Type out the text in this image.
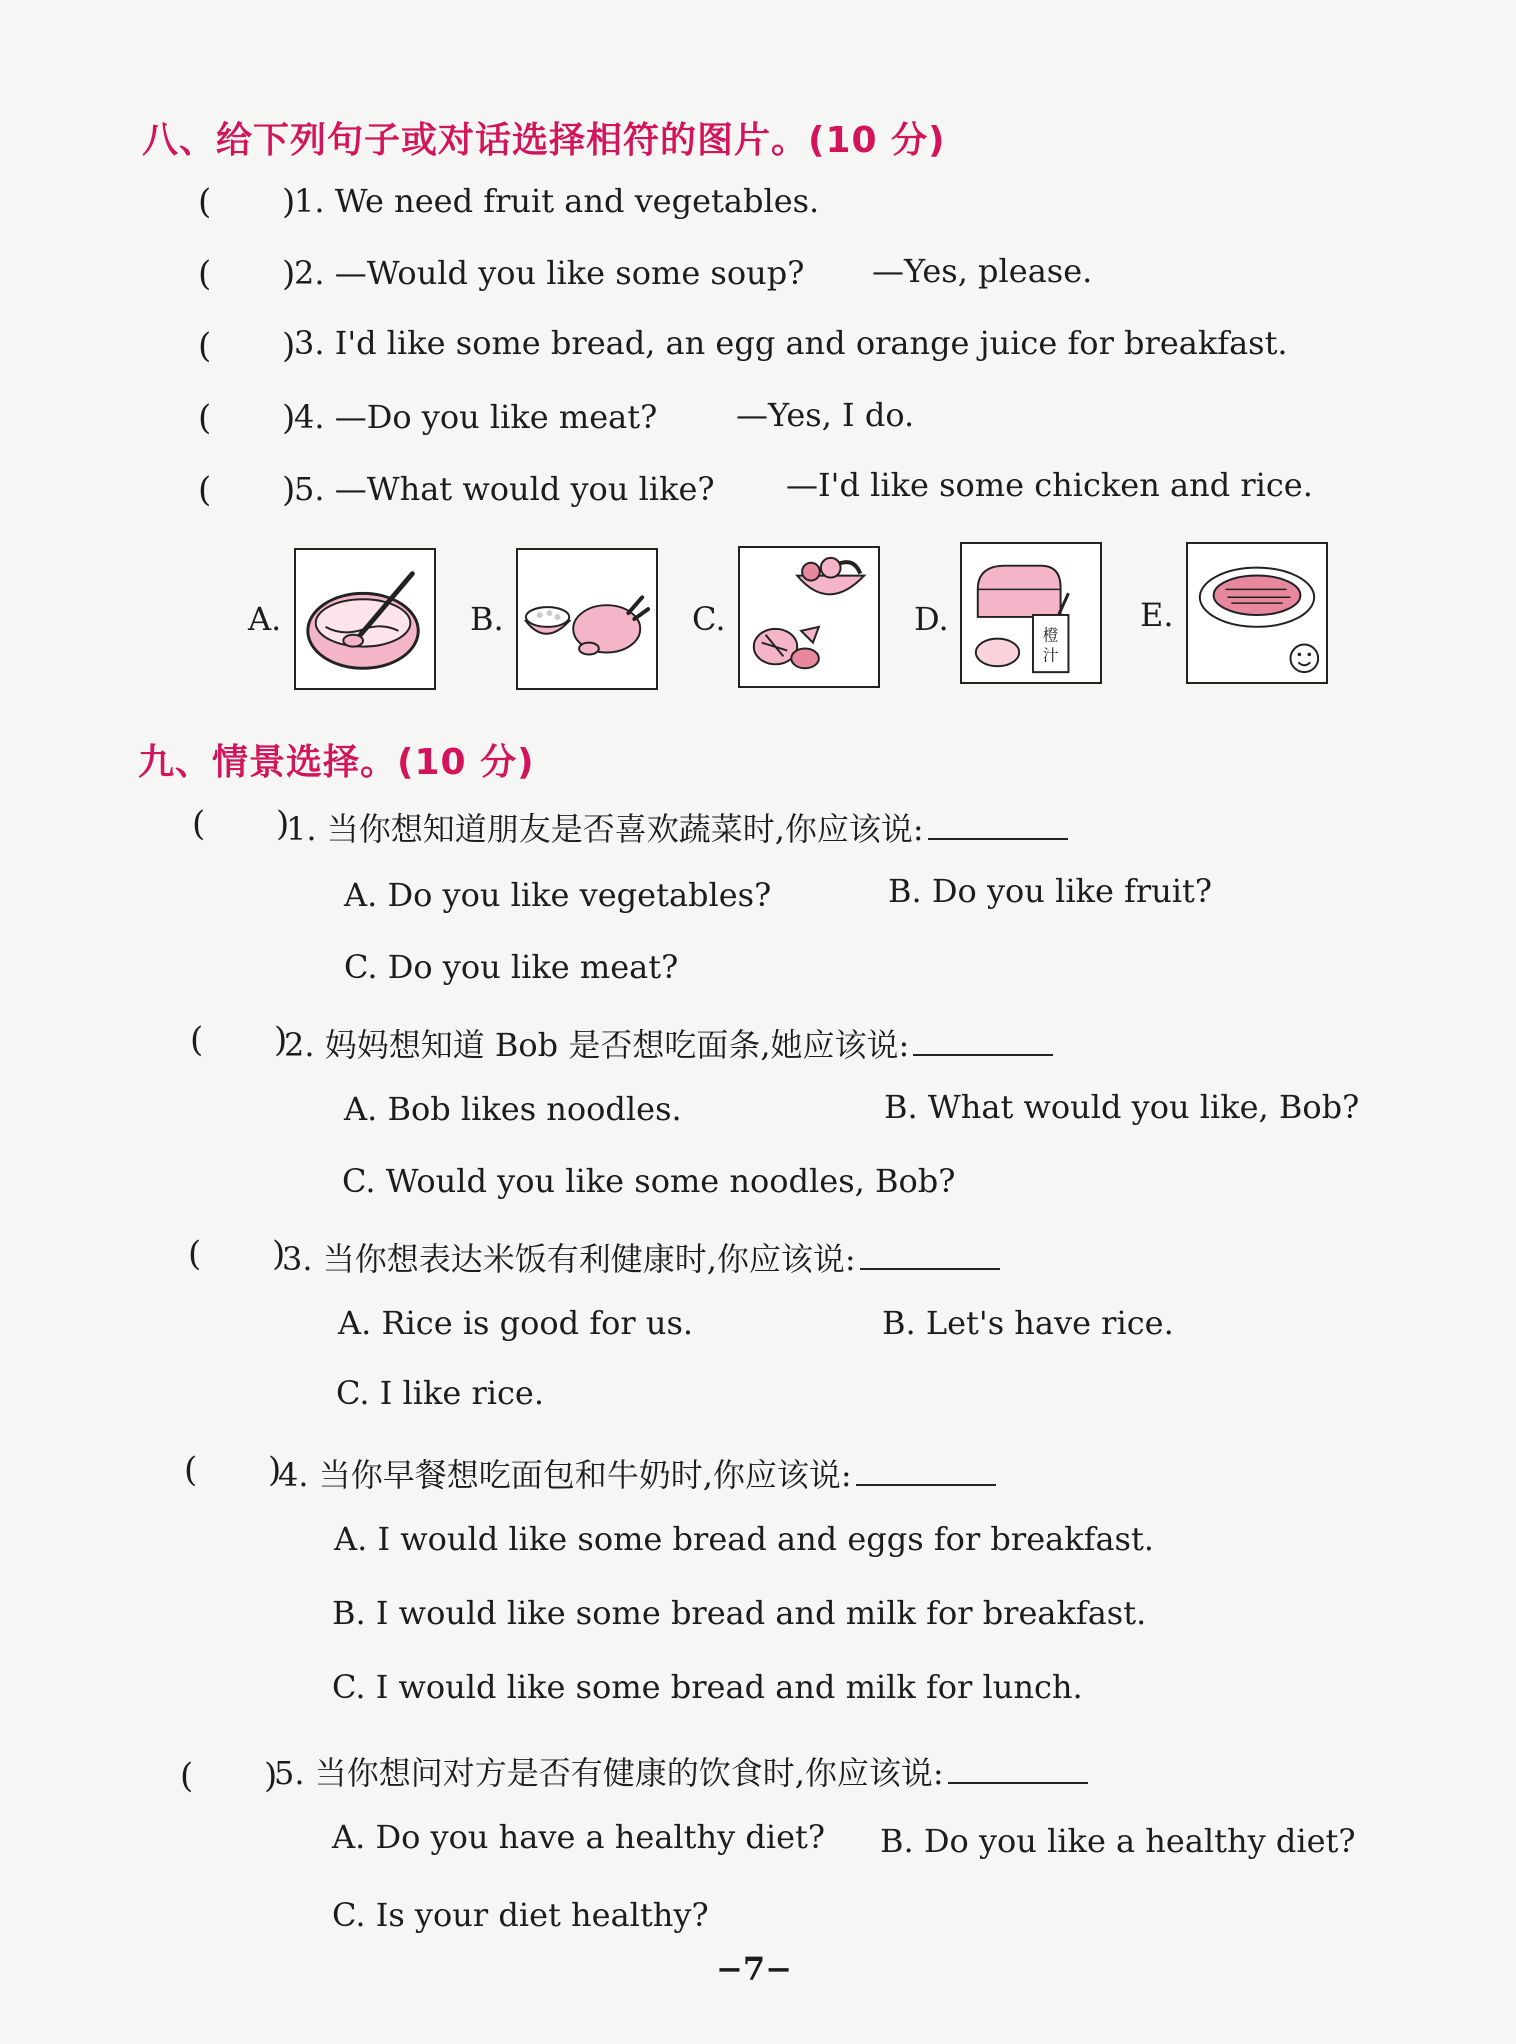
八、给下列句子或对话选择相符的图片。(10 分)
( )
1. We need fruit and vegetables.
( )
2. —Would you like some soup? —Yes, please.
( )
3. I'd like some bread, an egg and orange juice for breakfast.
( )
4. —Do you like meat? —Yes, I do.
( )
5. —What would you like? —I'd like some chicken and rice.
A.	B.	C.	D.	橙
汁
E.
九、情景选择。(10 分)
( )
1. 当你想知道朋友是否喜欢蔬菜时,你应该说:
A. Do you like vegetables?	B. Do you like fruit?
C. Do you like meat?
( )
2. 妈妈想知道 Bob 是否想吃面条,她应该说:
A. Bob likes noodles.	B. What would you like, Bob?
C. Would you like some noodles, Bob?
( )
3. 当你想表达米饭有利健康时,你应该说:
A. Rice is good for us.	B. Let's have rice.
C. I like rice.
( )
4. 当你早餐想吃面包和牛奶时,你应该说:
A. I would like some bread and eggs for breakfast.
B. I would like some bread and milk for breakfast.
C. I would like some bread and milk for lunch.
( )
5. 当你想问对方是否有健康的饮食时,你应该说:
A. Do you have a healthy diet? B. Do you like a healthy diet?
C. Is your diet healthy?
−7−
